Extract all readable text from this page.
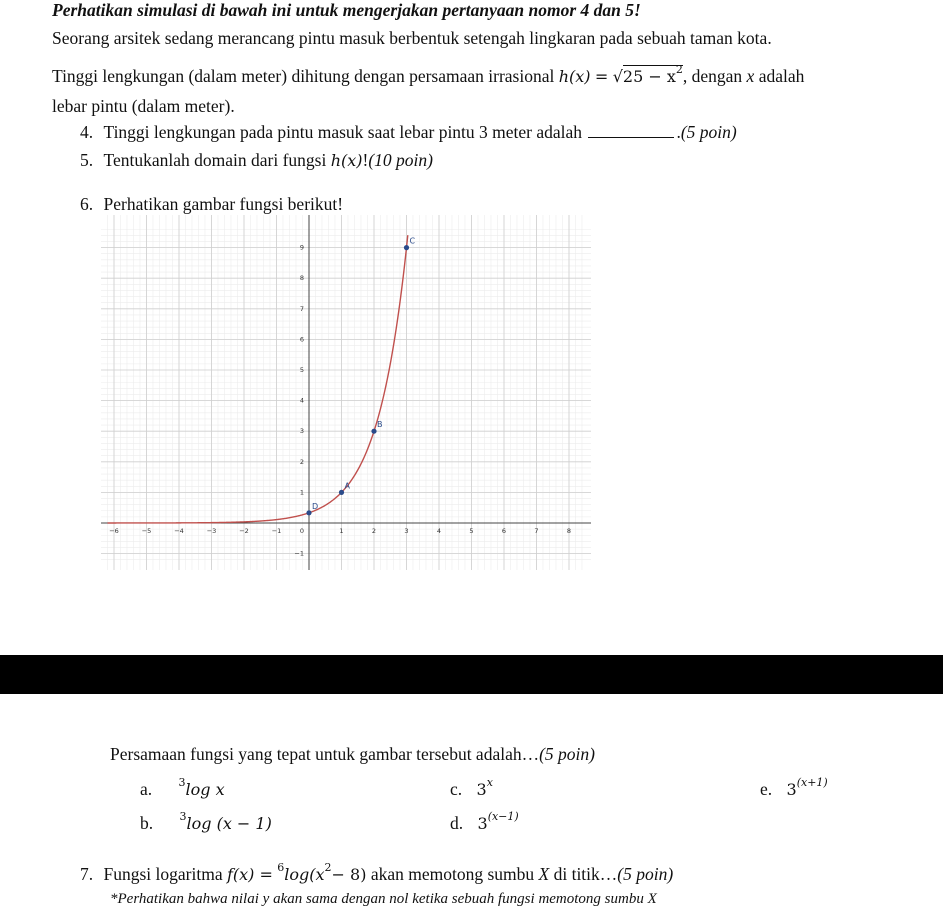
Perhatikan simulasi di bawah ini untuk mengerjakan pertanyaan nomor 4 dan 5!
Seorang arsitek sedang merancang pintu masuk berbentuk setengah lingkaran pada sebuah taman kota.
Tinggi lengkungan (dalam meter) dihitung dengan persamaan irrasional $h(x) = √25 - x^2$, dengan x adalah
lebar pintu (dalam meter).
4. Tinggi lengkungan pada pintu masuk saat lebar pintu 3 meter adalah	.(5 poin)
5. Tentukanlah domain dari fungsi h(x)!(10 poin)
6. Perhatikan gambar fungsi berikut!
−6	−5	−4	−3	−2	−1	1	2	3	4	5	6	7	8
−1
1
2
3
4
5
6
7
8
9
0
D
A
B
C
Persamaan fungsi yang tepat untuk gambar tersebut adalah…(5 poin)
a. $^3$log x
b. $^3$log (x − 1)
c. 3$^x$
d. $3^{(x-1)}$
e. $3^{(x+1)}$
7. Fungsi logaritma $f(x) = ^6\log(x^2- 8)$ akan memotong sumbu X di titik…(5 poin)
*Perhatikan bahwa nilai y akan sama dengan nol ketika sebuah fungsi memotong sumbu X
